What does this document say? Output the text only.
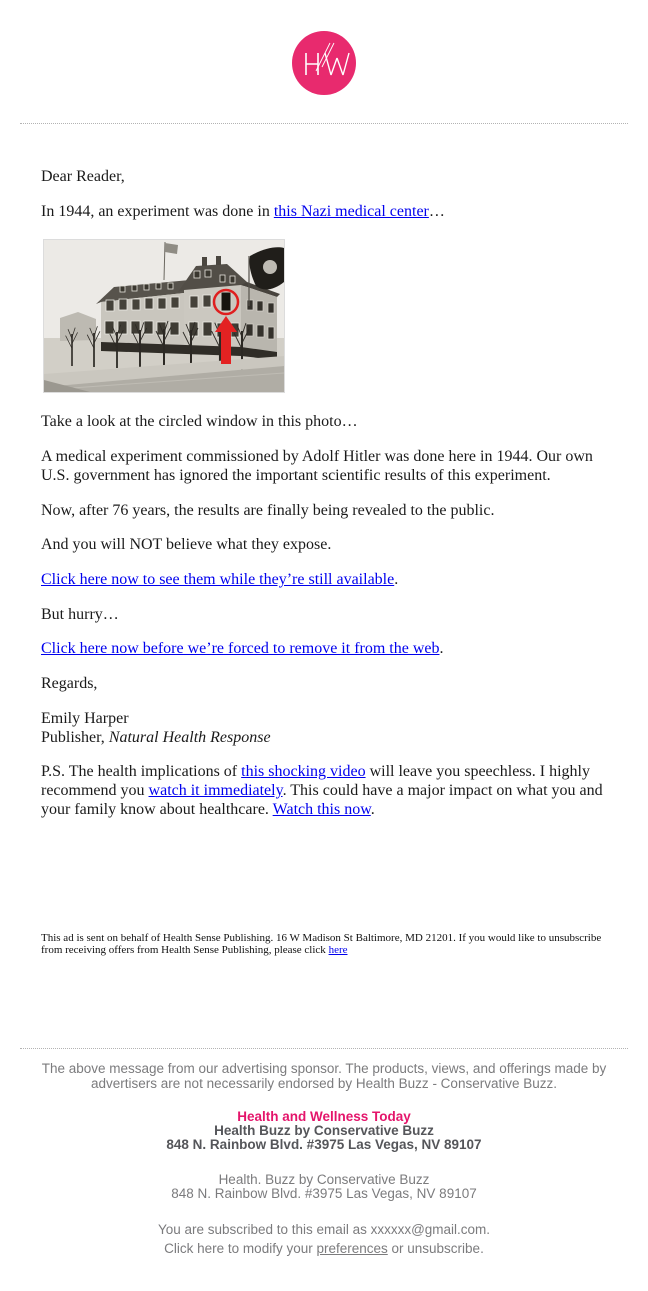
Dear Reader,

In 1944, an experiment was done in this Nazi medical center…

Take a look at the circled window in this photo…

A medical experiment commissioned by Adolf Hitler was done here in 1944. Our own U.S. government has ignored the important scientific results of this experiment.

Now, after 76 years, the results are finally being revealed to the public.

And you will NOT believe what they expose.

Click here now to see them while they’re still available.

But hurry…

Click here now before we’re forced to remove it from the web.

Regards,

Emily Harper
Publisher, Natural Health Response

P.S. The health implications of this shocking video will leave you speechless. I highly recommend you watch it immediately. This could have a major impact on what you and your family know about healthcare. Watch this now.

This ad is sent on behalf of Health Sense Publishing. 16 W Madison St Baltimore, MD 21201. If you would like to unsubscribe from receiving offers from Health Sense Publishing, please click here

The above message from our advertising sponsor. The products, views, and offerings made by advertisers are not necessarily endorsed by Health Buzz - Conservative Buzz.

Health and Wellness Today
Health Buzz by Conservative Buzz
848 N. Rainbow Blvd. #3975 Las Vegas, NV 89107
Health. Buzz by Conservative Buzz
848 N. Rainbow Blvd. #3975 Las Vegas, NV 89107
You are subscribed to this email as xxxxxx@gmail.com.
Click here to modify your preferences or unsubscribe.
